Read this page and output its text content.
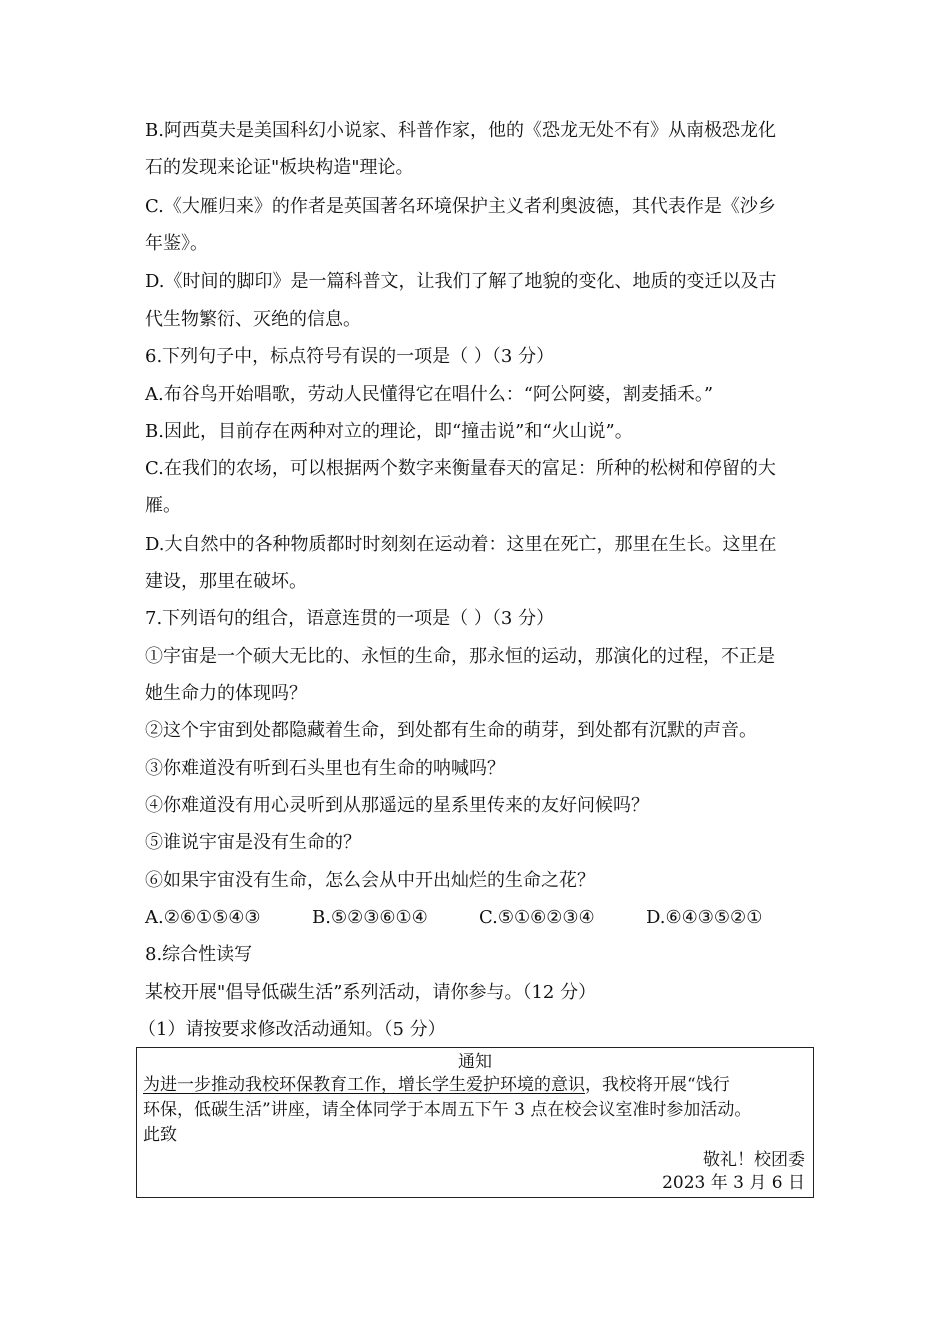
B.阿西莫夫是美国科幻小说家、科普作家，他的《恐龙无处不有》从南极恐龙化
石的发现来论证"板块构造"理论。
C.《大雁归来》的作者是英国著名环境保护主义者利奥波德，其代表作是《沙乡
年鉴》。
D.《时间的脚印》是一篇科普文，让我们了解了地貌的变化、地质的变迁以及古
代生物繁衍、灭绝的信息。
6.下列句子中，标点符号有误的一项是（ ）（3 分）
A.布谷鸟开始唱歌，劳动人民懂得它在唱什么：“阿公阿婆，割麦插禾。”
B.因此，目前存在两种对立的理论，即“撞击说”和“火山说”。
C.在我们的农场，可以根据两个数字来衡量春天的富足：所种的松树和停留的大
雁。
D.大自然中的各种物质都时时刻刻在运动着：这里在死亡，那里在生长。这里在
建设，那里在破坏。
7.下列语句的组合，语意连贯的一项是（ ）（3 分）
①宇宙是一个硕大无比的、永恒的生命，那永恒的运动，那演化的过程，不正是
她生命力的体现吗？
②这个宇宙到处都隐藏着生命，到处都有生命的萌芽，到处都有沉默的声音。
③你难道没有听到石头里也有生命的呐喊吗？
④你难道没有用心灵听到从那遥远的星系里传来的友好问候吗？
⑤谁说宇宙是没有生命的？
⑥如果宇宙没有生命，怎么会从中开出灿烂的生命之花？
A.②⑥①⑤④③	B.⑤②③⑥①④	C.⑤①⑥②③④	D.⑥④③⑤②①
8.综合性读写
某校开展"倡导低碳生活”系列活动，请你参与。（12 分）
（1）请按要求修改活动通知。（5 分）
通知
为进一步推动我校环保教育工作，增长学生爱护环境的意识，我校将开展“饯行
环保，低碳生活”讲座，请全体同学于本周五下午 3 点在校会议室准时参加活动。
此致
敬礼！校团委
2023 年 3 月 6 日
